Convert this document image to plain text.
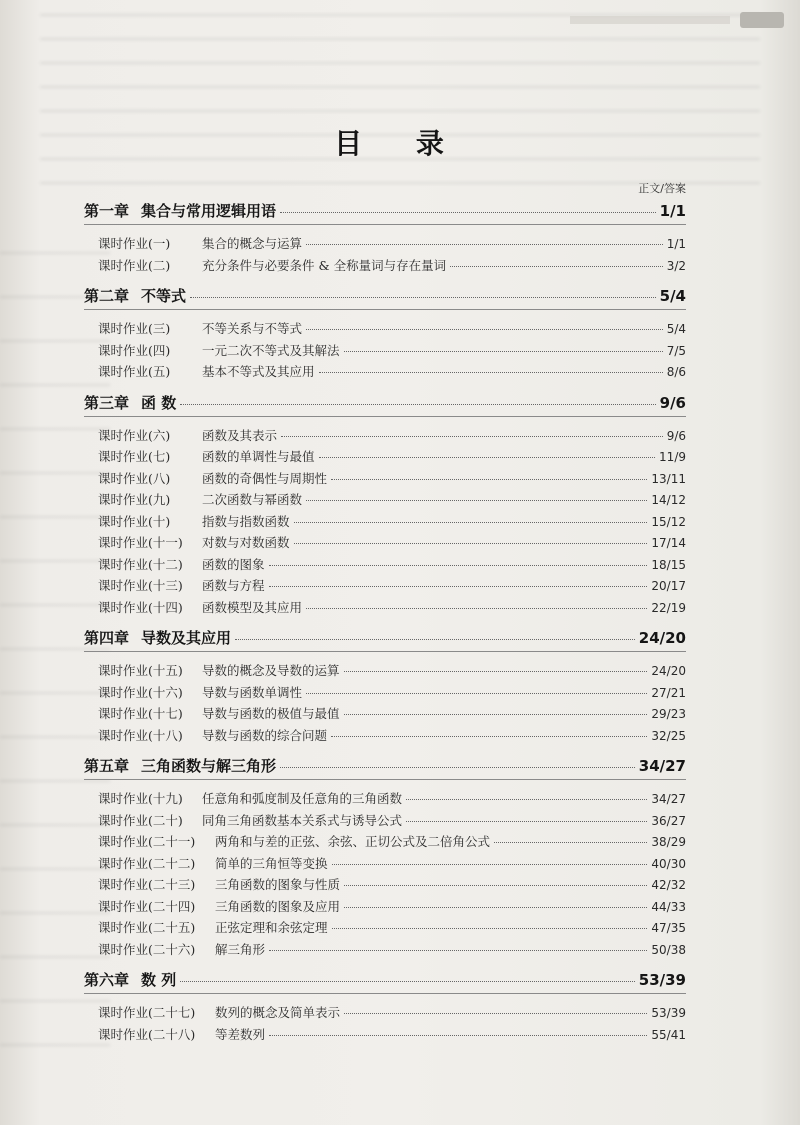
目 录
正文/答案
第一章 集合与常用逻辑用语	1/1
课时作业(一)	集合的概念与运算	1/1
课时作业(二)	充分条件与必要条件 & 全称量词与存在量词	3/2
第二章 不等式	5/4
课时作业(三)	不等关系与不等式	5/4
课时作业(四)	一元二次不等式及其解法	7/5
课时作业(五)	基本不等式及其应用	8/6
第三章 函 数	9/6
课时作业(六)	函数及其表示	9/6
课时作业(七)	函数的单调性与最值	11/9
课时作业(八)	函数的奇偶性与周期性	13/11
课时作业(九)	二次函数与幂函数	14/12
课时作业(十)	指数与指数函数	15/12
课时作业(十一)	对数与对数函数	17/14
课时作业(十二)	函数的图象	18/15
课时作业(十三)	函数与方程	20/17
课时作业(十四)	函数模型及其应用	22/19
第四章 导数及其应用	24/20
课时作业(十五)	导数的概念及导数的运算	24/20
课时作业(十六)	导数与函数单调性	27/21
课时作业(十七)	导数与函数的极值与最值	29/23
课时作业(十八)	导数与函数的综合问题	32/25
第五章 三角函数与解三角形	34/27
课时作业(十九)	任意角和弧度制及任意角的三角函数	34/27
课时作业(二十)	同角三角函数基本关系式与诱导公式	36/27
课时作业(二十一)	两角和与差的正弦、余弦、正切公式及二倍角公式	38/29
课时作业(二十二)	简单的三角恒等变换	40/30
课时作业(二十三)	三角函数的图象与性质	42/32
课时作业(二十四)	三角函数的图象及应用	44/33
课时作业(二十五)	正弦定理和余弦定理	47/35
课时作业(二十六)	解三角形	50/38
第六章 数 列	53/39
课时作业(二十七)	数列的概念及简单表示	53/39
课时作业(二十八)	等差数列	55/41
